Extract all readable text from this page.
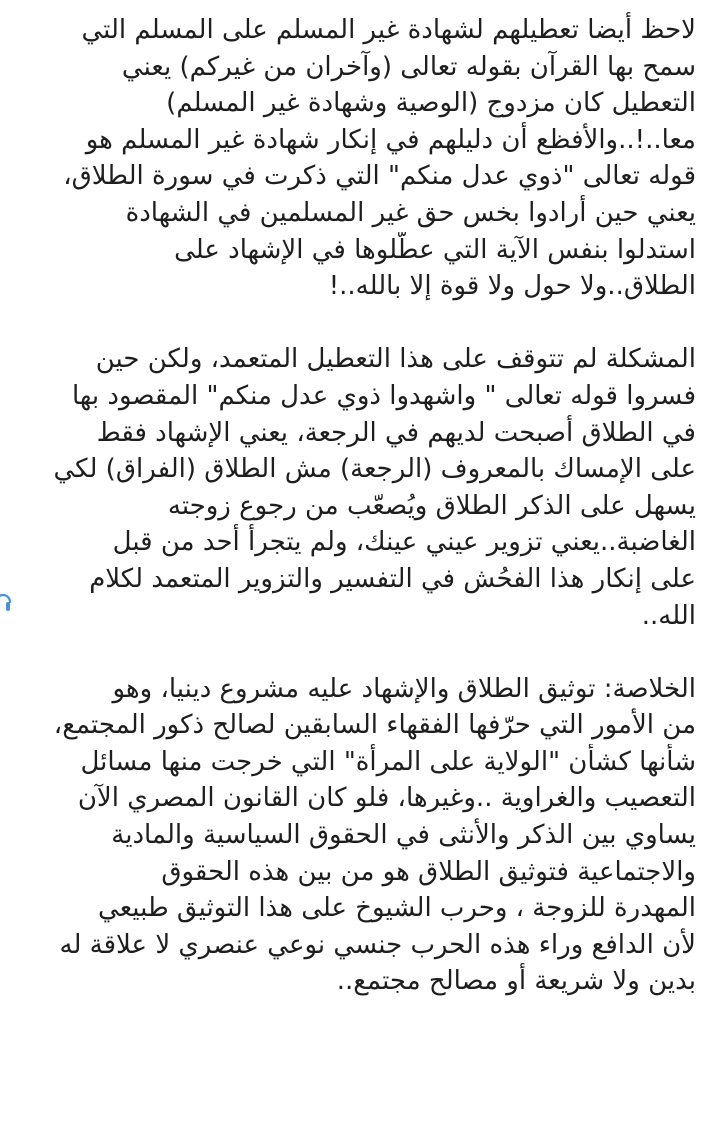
لاحظ أيضا تعطيلهم لشهادة غير المسلم على المسلم التي
سمح بها القرآن بقوله تعالى (وآخران من غيركم) يعني
التعطيل كان مزدوج (الوصية وشهادة غير المسلم)
معا..!..والأفظع أن دليلهم في إنكار شهادة غير المسلم هو
قوله تعالى "ذوي عدل منكم" التي ذكرت في سورة الطلاق،
يعني حين أرادوا بخس حق غير المسلمين في الشهادة
استدلوا بنفس الآية التي عطّلوها في الإشهاد على
الطلاق..ولا حول ولا قوة إلا بالله..!
المشكلة لم تتوقف على هذا التعطيل المتعمد، ولكن حين
فسروا قوله تعالى " واشهدوا ذوي عدل منكم" المقصود بها
في الطلاق أصبحت لديهم في الرجعة، يعني الإشهاد فقط
على الإمساك بالمعروف (الرجعة) مش الطلاق (الفراق) لكي
يسهل على الذكر الطلاق ويُصعّب من رجوع زوجته
الغاضبة..يعني تزوير عيني عينك، ولم يتجرأ أحد من قبل
على إنكار هذا الفحُش في التفسير والتزوير المتعمد لكلام
الله..
الخلاصة: توثيق الطلاق والإشهاد عليه مشروع دينيا، وهو
من الأمور التي حرّفها الفقهاء السابقين لصالح ذكور المجتمع،
شأنها كشأن "الولاية على المرأة" التي خرجت منها مسائل
التعصيب والغراوية ..وغيرها، فلو كان القانون المصري الآن
يساوي بين الذكر والأنثى في الحقوق السياسية والمادية
والاجتماعية فتوثيق الطلاق هو من بين هذه الحقوق
المهدرة للزوجة ، وحرب الشيوخ على هذا التوثيق طبيعي
لأن الدافع وراء هذه الحرب جنسي نوعي عنصري لا علاقة له
بدين ولا شريعة أو مصالح مجتمع..
